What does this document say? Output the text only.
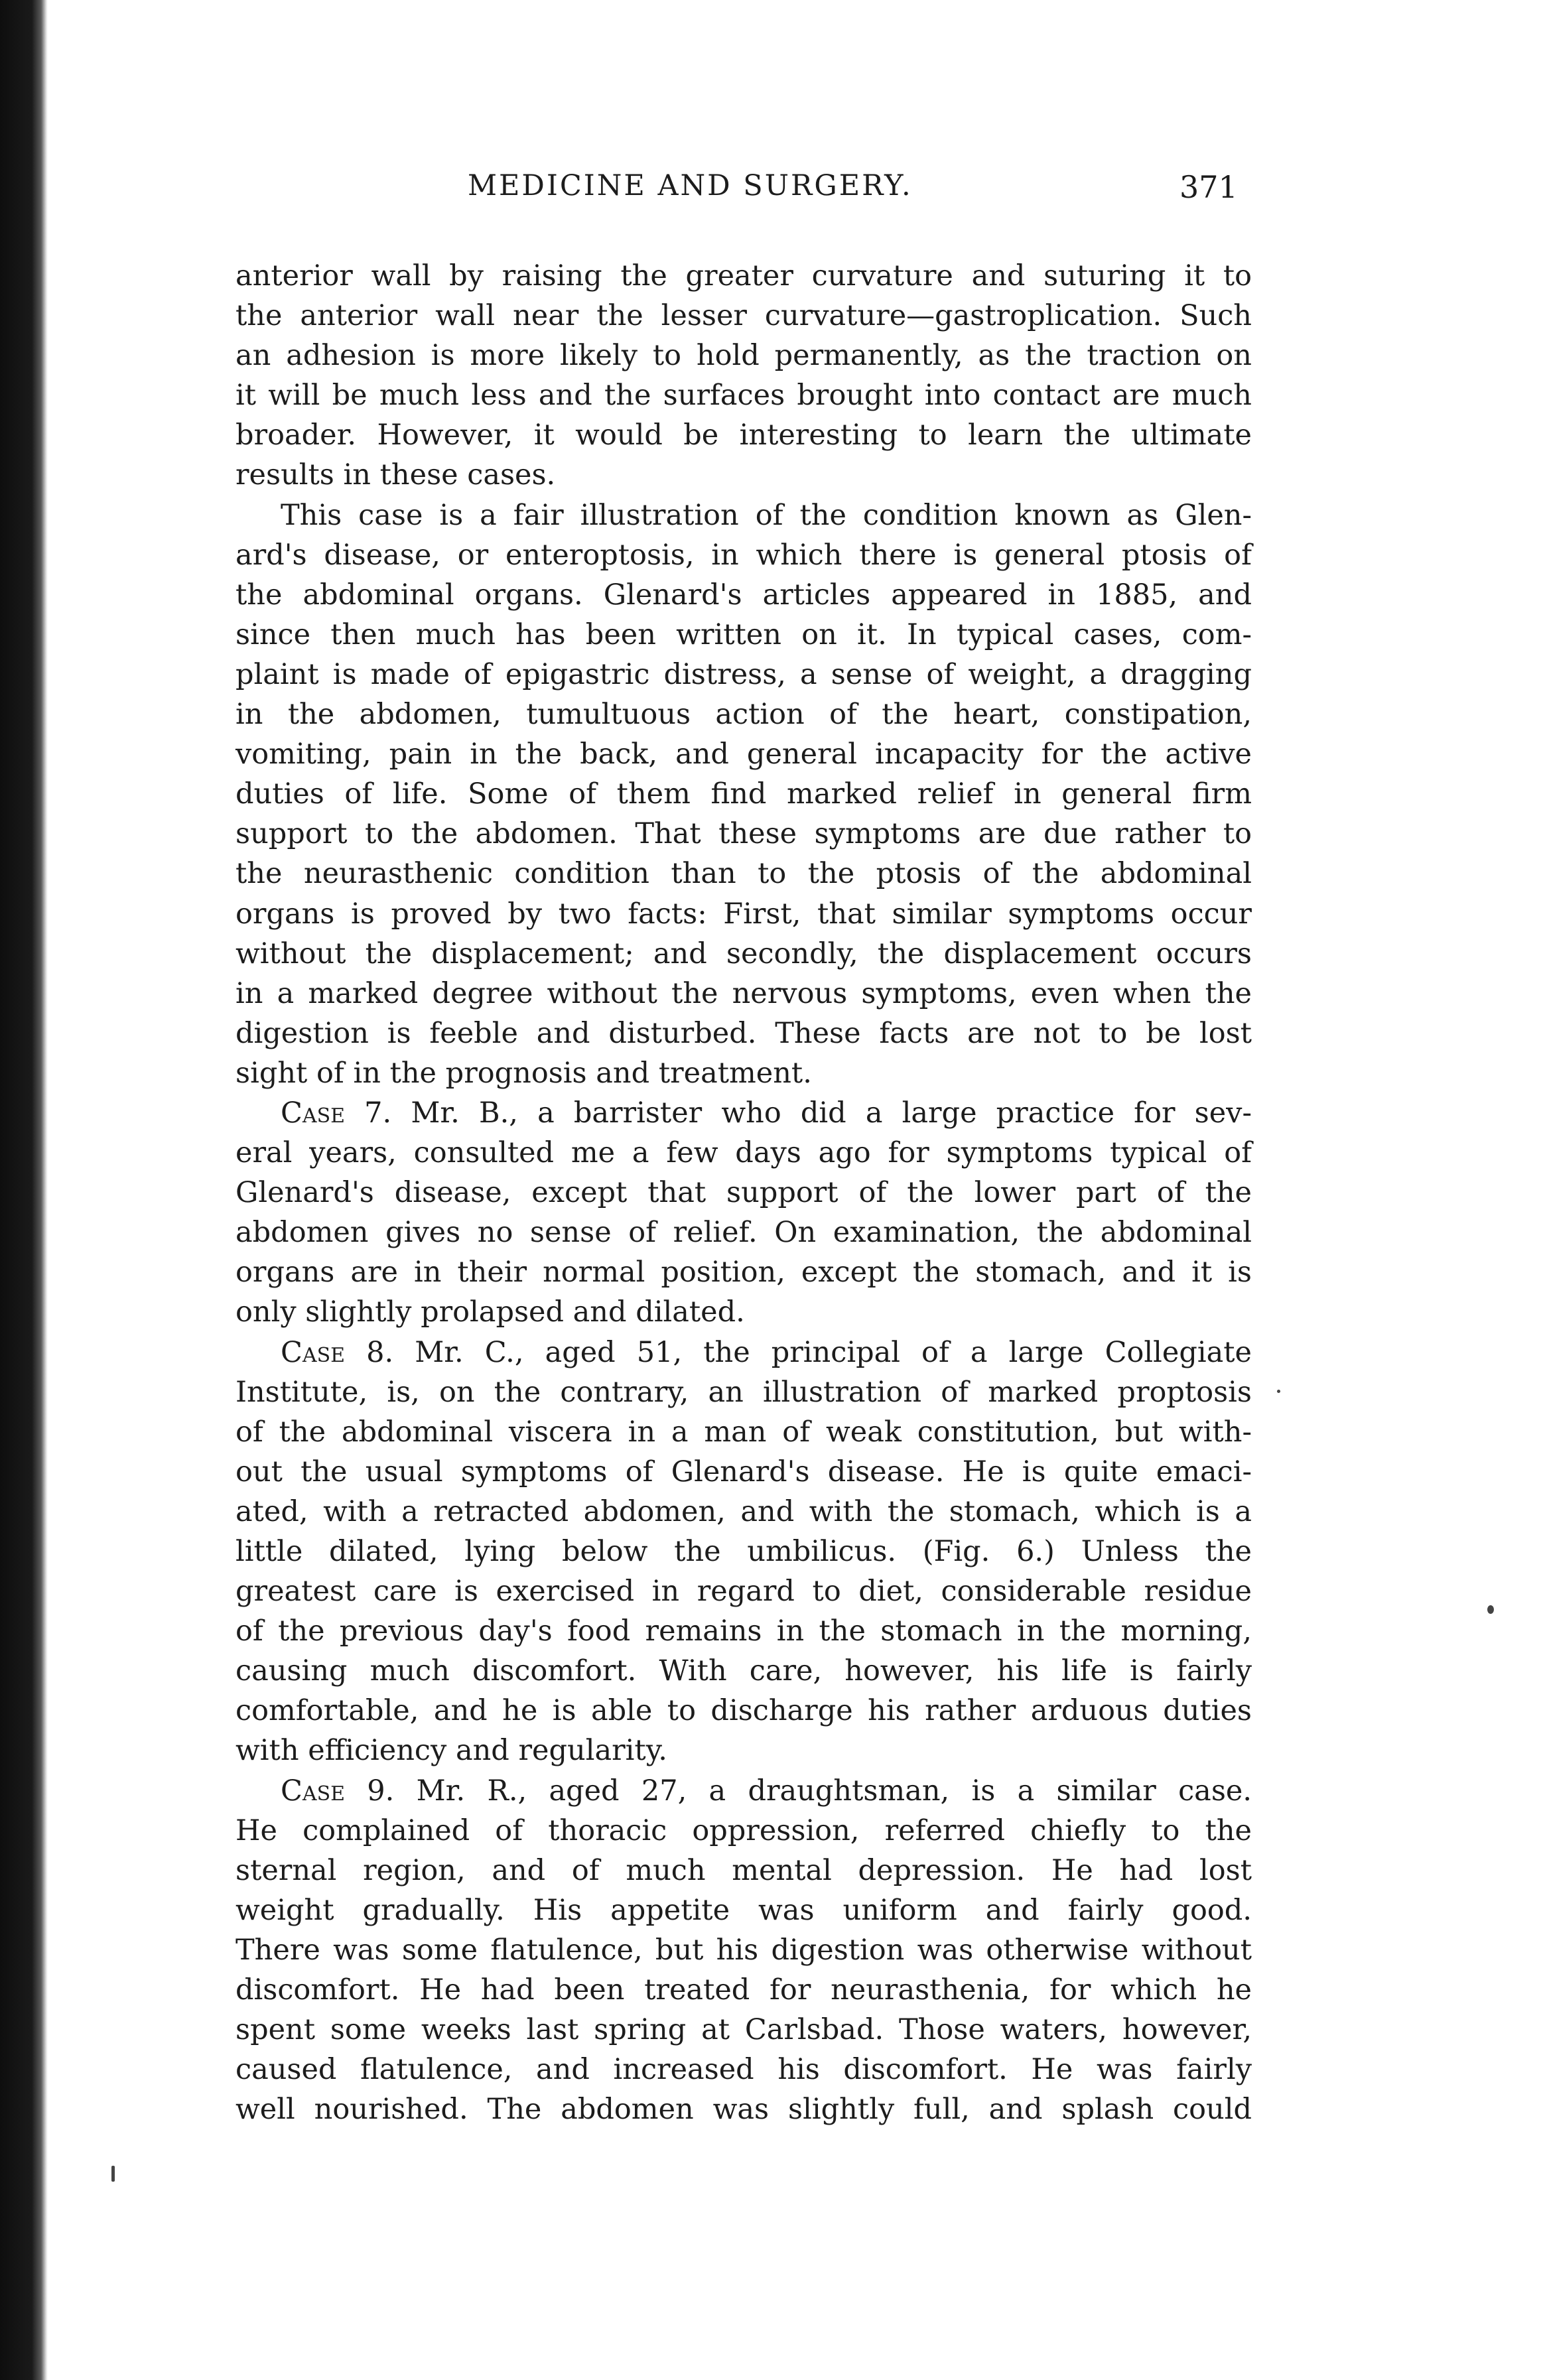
MEDICINE AND SURGERY.	371
anterior wall by raising the greater curvature and suturing it to
the anterior wall near the lesser curvature—gastroplication. Such
an adhesion is more likely to hold permanently, as the traction on
it will be much less and the surfaces brought into contact are much
broader. However, it would be interesting to learn the ultimate
results in these cases.
This case is a fair illustration of the condition known as Glen-
ard's disease, or enteroptosis, in which there is general ptosis of
the abdominal organs. Glenard's articles appeared in 1885, and
since then much has been written on it. In typical cases, com-
plaint is made of epigastric distress, a sense of weight, a dragging
in the abdomen, tumultuous action of the heart, constipation,
vomiting, pain in the back, and general incapacity for the active
duties of life. Some of them find marked relief in general firm
support to the abdomen. That these symptoms are due rather to
the neurasthenic condition than to the ptosis of the abdominal
organs is proved by two facts: First, that similar symptoms occur
without the displacement; and secondly, the displacement occurs
in a marked degree without the nervous symptoms, even when the
digestion is feeble and disturbed. These facts are not to be lost
sight of in the prognosis and treatment.
Case 7. Mr. B., a barrister who did a large practice for sev-
eral years, consulted me a few days ago for symptoms typical of
Glenard's disease, except that support of the lower part of the
abdomen gives no sense of relief. On examination, the abdominal
organs are in their normal position, except the stomach, and it is
only slightly prolapsed and dilated.
Case 8. Mr. C., aged 51, the principal of a large Collegiate
Institute, is, on the contrary, an illustration of marked proptosis
of the abdominal viscera in a man of weak constitution, but with-
out the usual symptoms of Glenard's disease. He is quite emaci-
ated, with a retracted abdomen, and with the stomach, which is a
little dilated, lying below the umbilicus. (Fig. 6.) Unless the
greatest care is exercised in regard to diet, considerable residue
of the previous day's food remains in the stomach in the morning,
causing much discomfort. With care, however, his life is fairly
comfortable, and he is able to discharge his rather arduous duties
with efficiency and regularity.
Case 9. Mr. R., aged 27, a draughtsman, is a similar case.
He complained of thoracic oppression, referred chiefly to the
sternal region, and of much mental depression. He had lost
weight gradually. His appetite was uniform and fairly good.
There was some flatulence, but his digestion was otherwise without
discomfort. He had been treated for neurasthenia, for which he
spent some weeks last spring at Carlsbad. Those waters, however,
caused flatulence, and increased his discomfort. He was fairly
well nourished. The abdomen was slightly full, and splash could
